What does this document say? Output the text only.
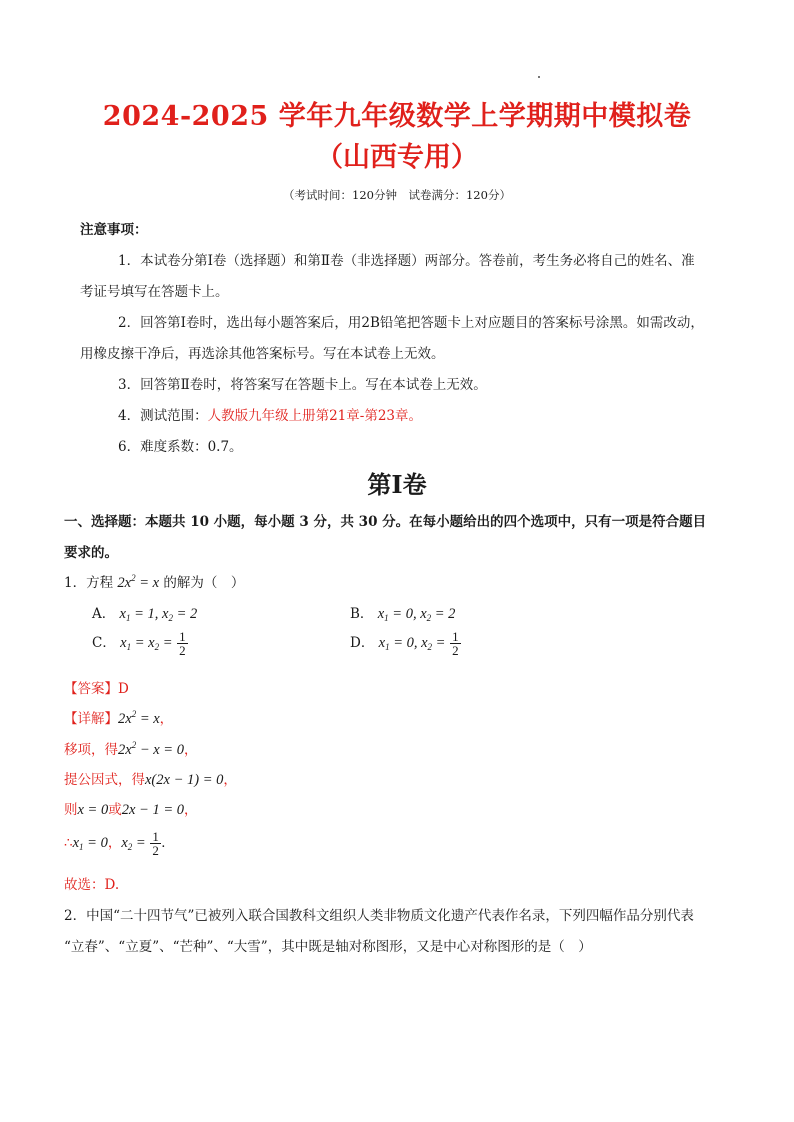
2024-2025 学年九年级数学上学期期中模拟卷
（山西专用）
（考试时间：120分钟　试卷满分：120分）
注意事项：
1．本试卷分第Ⅰ卷（选择题）和第Ⅱ卷（非选择题）两部分。答卷前，考生务必将自己的姓名、准
考证号填写在答题卡上。
2．回答第Ⅰ卷时，选出每小题答案后，用2B铅笔把答题卡上对应题目的答案标号涂黑。如需改动，
用橡皮擦干净后，再选涂其他答案标号。写在本试卷上无效。
3．回答第Ⅱ卷时，将答案写在答题卡上。写在本试卷上无效。
4．测试范围：人教版九年级上册第21章-第23章。
6．难度系数：0.7。
第Ⅰ卷
一、选择题：本题共 10 小题，每小题 3 分，共 30 分。在每小题给出的四个选项中，只有一项是符合题目
要求的。
1．方程 $2x^2 = x$ 的解为（　）
A． $x_1 = 1$, $x_2 = 2$	B． $x_1 = 0$, $x_2 = 2$
C． $x_1 = x_2 = \frac{1}{2}$	D． $x_1 = 0$, $x_2 = \frac{1}{2}$
【答案】D
【详解】$2x^2 = x$，
移项，得$2x^2 - x = 0$，
提公因式，得x(2x − 1) = 0，
则x = 0或2x − 1 = 0，
$\therefore x_1 = 0$，$x_2 = \frac{1}{2}$ .
故选：D.
2．中国“二十四节气”已被列入联合国教科文组织人类非物质文化遗产代表作名录，下列四幅作品分别代表
“立春”、“立夏”、“芒种”、“大雪”，其中既是轴对称图形，又是中心对称图形的是（　）
